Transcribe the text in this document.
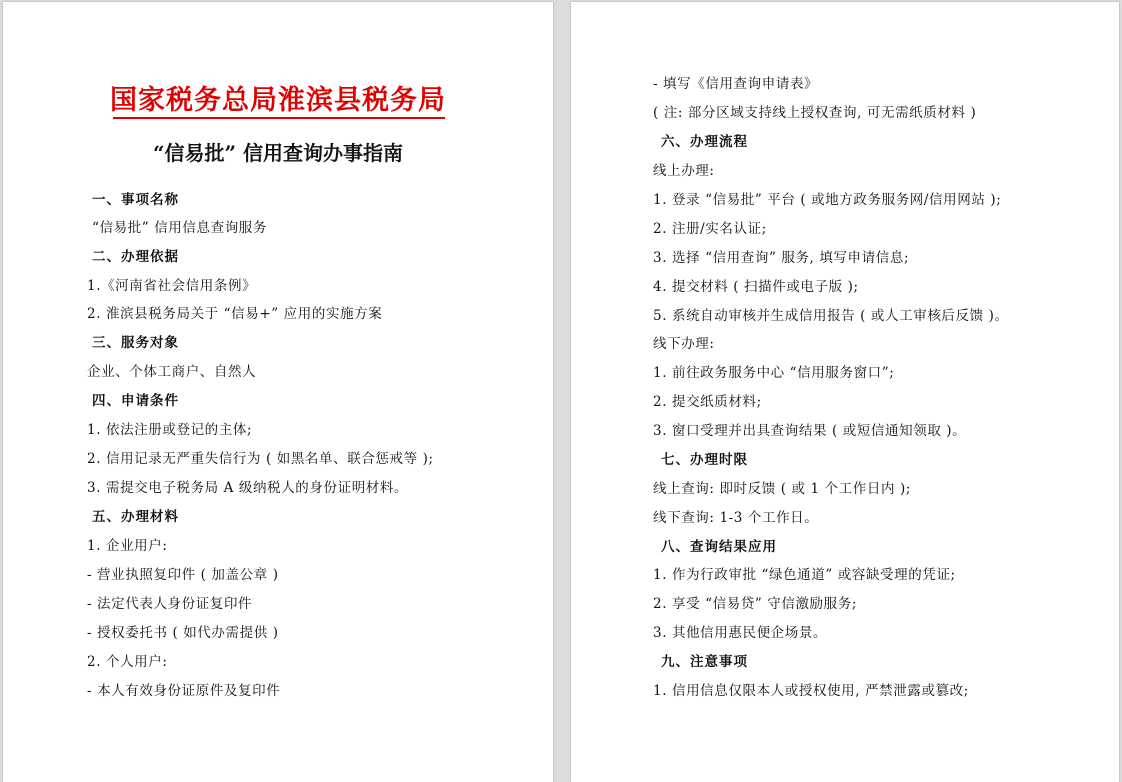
国家税务总局淮滨县税务局
“信易批” 信用查询办事指南
一、事项名称
“信易批” 信用信息查询服务
二、办理依据
1.《河南省社会信用条例》
2. 淮滨县税务局关于 “信易+” 应用的实施方案
三、服务对象
企业、个体工商户、自然人
四、申请条件
1. 依法注册或登记的主体;
2. 信用记录无严重失信行为 ( 如黑名单、联合惩戒等 );
3. 需提交电子税务局 A 级纳税人的身份证明材料。
五、办理材料
1. 企业用户:
- 营业执照复印件 ( 加盖公章 )
- 法定代表人身份证复印件
- 授权委托书 ( 如代办需提供 )
2. 个人用户:
- 本人有效身份证原件及复印件
- 填写《信用查询申请表》
( 注: 部分区域支持线上授权查询, 可无需纸质材料 )
六、办理流程
线上办理:
1. 登录 “信易批” 平台 ( 或地方政务服务网/信用网站 );
2. 注册/实名认证;
3. 选择 “信用查询” 服务, 填写申请信息;
4. 提交材料 ( 扫描件或电子版 );
5. 系统自动审核并生成信用报告 ( 或人工审核后反馈 )。
线下办理:
1. 前往政务服务中心 “信用服务窗口”;
2. 提交纸质材料;
3. 窗口受理并出具查询结果 ( 或短信通知领取 )。
七、办理时限
线上查询: 即时反馈 ( 或 1 个工作日内 );
线下查询: 1-3 个工作日。
八、查询结果应用
1. 作为行政审批 “绿色通道” 或容缺受理的凭证;
2. 享受 “信易贷” 守信激励服务;
3. 其他信用惠民便企场景。
九、注意事项
1. 信用信息仅限本人或授权使用, 严禁泄露或篡改;
